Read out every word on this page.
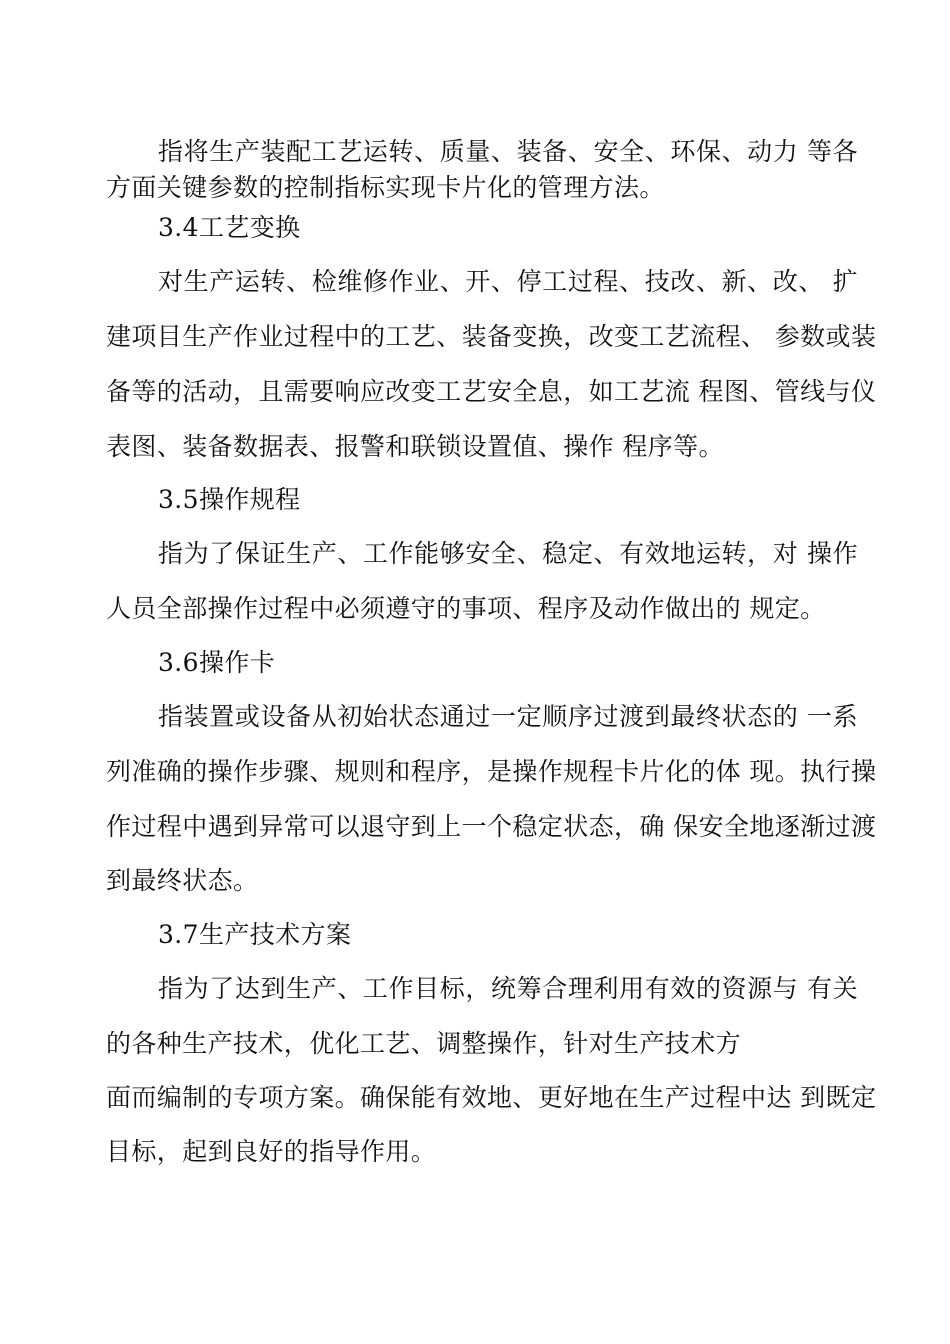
指将生产装配工艺运转、质量、装备、安全、环保、动力 等各
方面关键参数的控制指标实现卡片化的管理方法。
3.4工艺变换
对生产运转、检维修作业、开、停工过程、技改、新、改、 扩
建项目生产作业过程中的工艺、装备变换，改变工艺流程、 参数或装
备等的活动，且需要响应改变工艺安全息，如工艺流 程图、管线与仪
表图、装备数据表、报警和联锁设置值、操作 程序等。
3.5操作规程
指为了保证生产、工作能够安全、稳定、有效地运转，对 操作
人员全部操作过程中必须遵守的事项、程序及动作做出的 规定。
3.6操作卡
指装置或设备从初始状态通过一定顺序过渡到最终状态的 一系
列准确的操作步骤、规则和程序，是操作规程卡片化的体 现。执行操
作过程中遇到异常可以退守到上一个稳定状态，确 保安全地逐渐过渡
到最终状态。
3.7生产技术方案
指为了达到生产、工作目标，统筹合理利用有效的资源与 有关
的各种生产技术，优化工艺、调整操作，针对生产技术方
面而编制的专项方案。确保能有效地、更好地在生产过程中达 到既定
目标，起到良好的指导作用。
